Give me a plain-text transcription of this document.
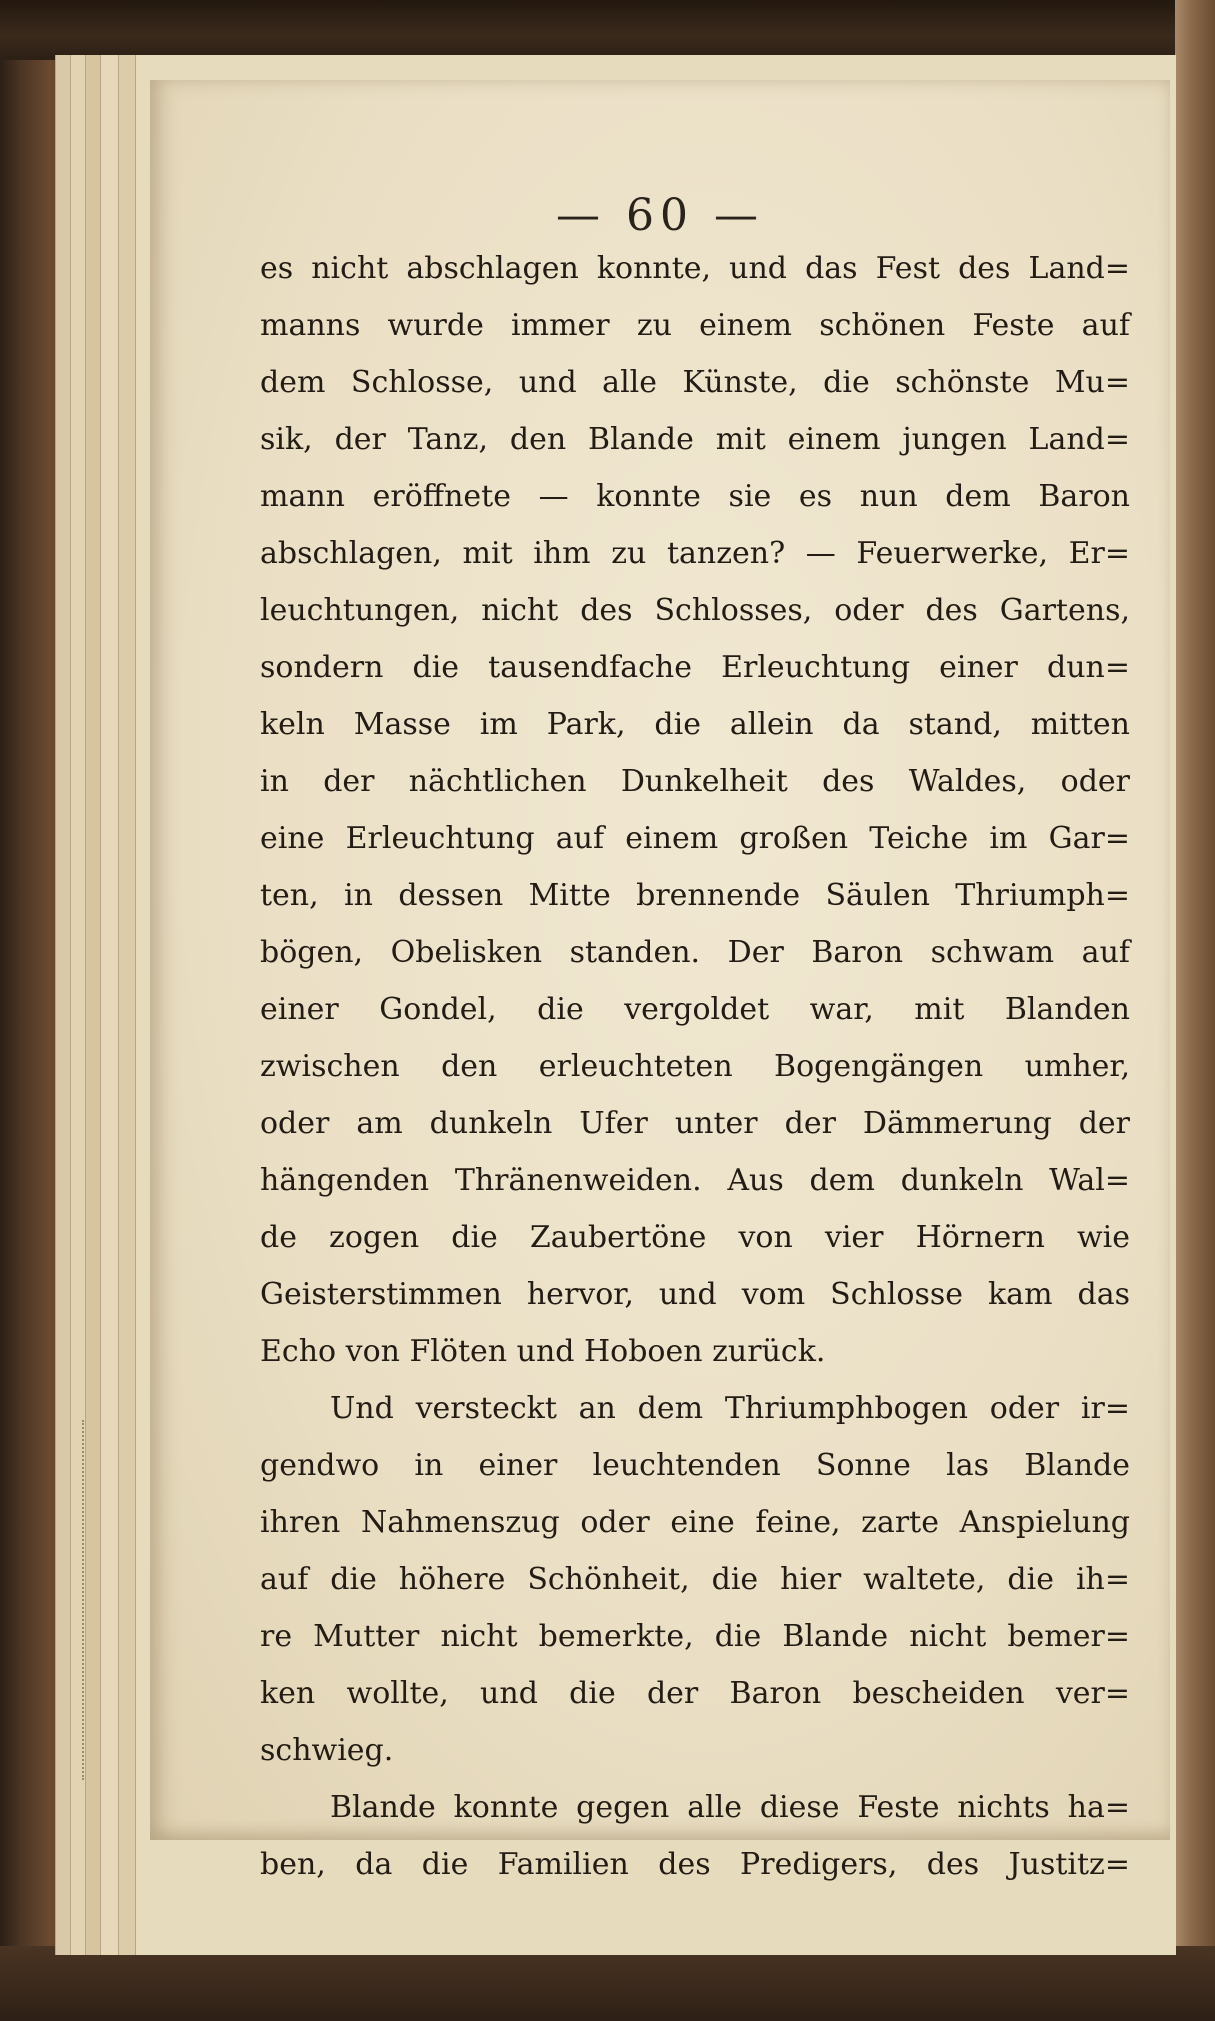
— 60 —
es nicht abschlagen konnte, und das Fest des Land=
manns wurde immer zu einem schönen Feste auf
dem Schlosse, und alle Künste, die schönste Mu=
sik, der Tanz, den Blande mit einem jungen Land=
mann eröffnete — konnte sie es nun dem Baron
abschlagen, mit ihm zu tanzen? — Feuerwerke, Er=
leuchtungen, nicht des Schlosses, oder des Gartens,
sondern die tausendfache Erleuchtung einer dun=
keln Masse im Park, die allein da stand, mitten
in der nächtlichen Dunkelheit des Waldes, oder
eine Erleuchtung auf einem großen Teiche im Gar=
ten, in dessen Mitte brennende Säulen Thriumph=
bögen, Obelisken standen. Der Baron schwam auf
einer Gondel, die vergoldet war, mit Blanden
zwischen den erleuchteten Bogengängen umher,
oder am dunkeln Ufer unter der Dämmerung der
hängenden Thränenweiden. Aus dem dunkeln Wal=
de zogen die Zaubertöne von vier Hörnern wie
Geisterstimmen hervor, und vom Schlosse kam das
Echo von Flöten und Hoboen zurück.
Und versteckt an dem Thriumphbogen oder ir=
gendwo in einer leuchtenden Sonne las Blande
ihren Nahmenszug oder eine feine, zarte Anspielung
auf die höhere Schönheit, die hier waltete, die ih=
re Mutter nicht bemerkte, die Blande nicht bemer=
ken wollte, und die der Baron bescheiden ver=
schwieg.
Blande konnte gegen alle diese Feste nichts ha=
ben, da die Familien des Predigers, des Justitz=
